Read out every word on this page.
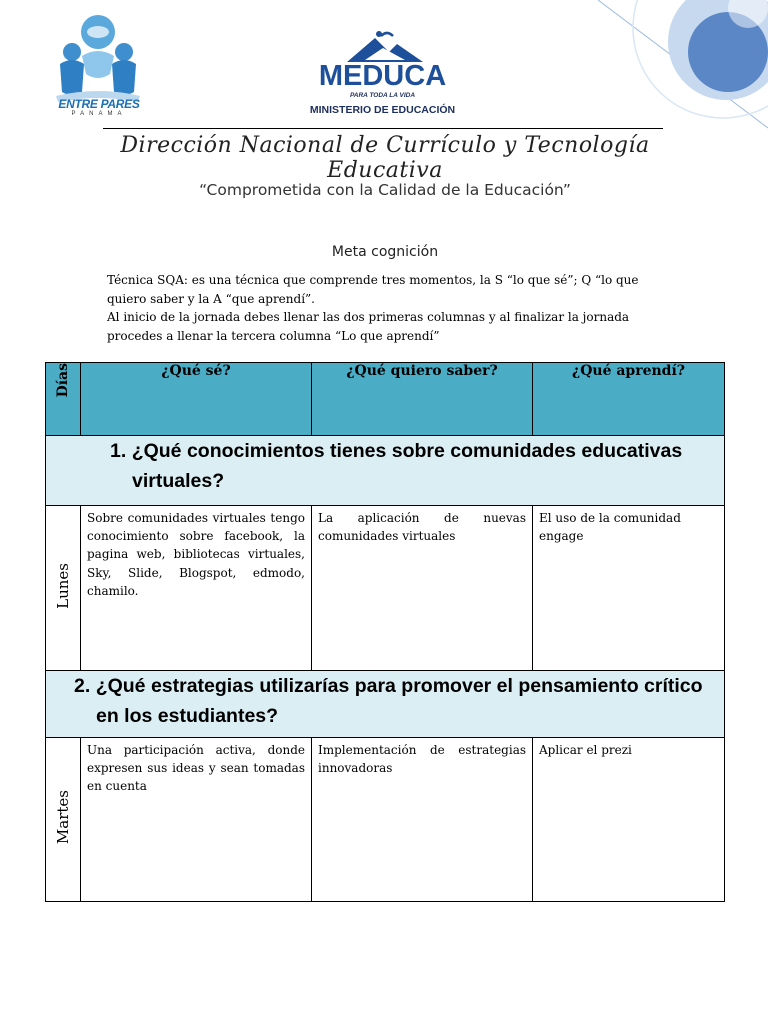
ENTRE PARES
PANAMA
MEDUCA
PARA TODA LA VIDA
MINISTERIO DE EDUCACIÓN
Dirección Nacional de Currículo y Tecnología Educativa
“Comprometida con la Calidad de la Educación”
Meta cognición

Técnica SQA: es una técnica que comprende tres momentos, la S “lo que sé”; Q “lo que quiero saber y la A “que aprendí”.

Al inicio de la jornada debes llenar las dos primeras columnas y al finalizar la jornada procedes a llenar la tercera columna “Lo que aprendí”

Días	¿Qué sé?	¿Qué quiero saber?	¿Qué aprendí?

1. ¿Qué conocimientos tienes sobre comunidades educativas virtuales?			

Lunes	Sobre comunidades virtuales tengo conocimiento sobre facebook, la pagina web, bibliotecas virtuales, Sky, Slide, Blogspot, edmodo, chamilo.	La aplicación de nuevas comunidades virtuales	El uso de la comunidad engage

2. ¿Qué estrategias utilizarías para promover el pensamiento crítico en los estudiantes?			

Martes	Una participación activa, donde expresen sus ideas y sean tomadas en cuenta	Implementación de estrategias innovadoras	Aplicar el prezi
